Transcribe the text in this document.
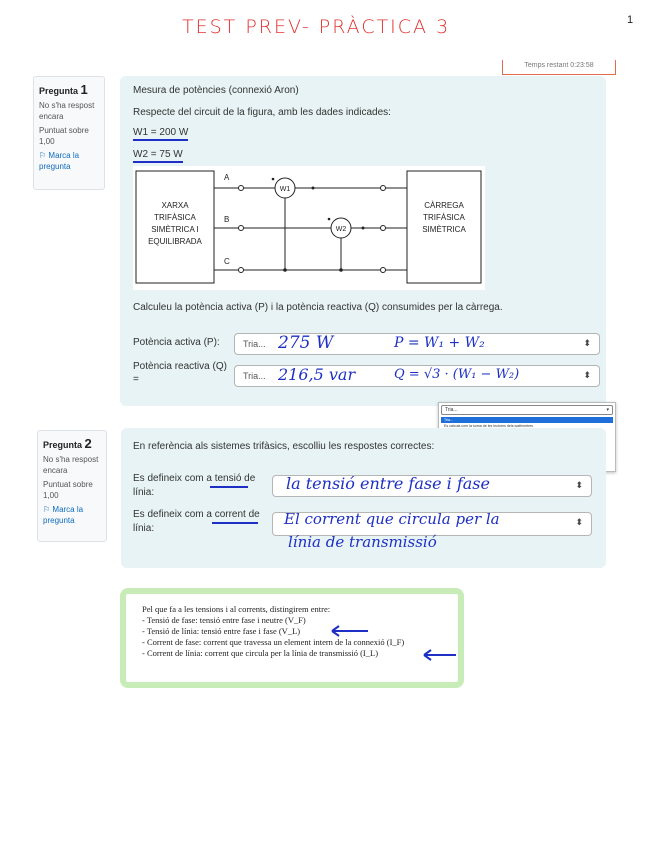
TEST PREV- PRÀCTICA 3	1
Temps restant 0:23:58
Pregunta 1

No s'ha respost encara

Puntuat sobre 1,00

⚐ Marca la pregunta

Mesura de potències (connexió Aron)
Respecte del circuit de la figura, amb les dades indicades:
W1 = 200 W
W2 = 75 W
XARXA
TRIFÀSICA
SIMÈTRICA I
EQUILIBRADA
CÀRREGA
TRIFÀSICA
SIMÈTRICA
A
B
C
W1
W2
Calculeu la potència activa (P) i la potència reactiva (Q) consumides per la càrrega.
Potència activa (P):	Tria...	⬍
275 W	P = W₁ + W₂
Potència reactiva (Q) =	Tria...	⬍
216,5 var	Q = √3 · (W₁ − W₂)
Tria...	▾
Tria...
Es calcula com la suma de les lectures dels wattímetres
Pregunta 2

No s'ha respost encara

Puntuat sobre 1,00

⚐ Marca la pregunta

En referència als sistemes trifàsics, escolliu les respostes correctes:
Es defineix com a tensió de línia:
⬍
la tensió entre fase i fase
Es defineix com a corrent de línia:
⬍
El corrent que circula per la
línia de transmissió
Pel que fa a les tensions i al corrents, distingirem entre:
- Tensió de fase: tensió entre fase i neutre (V_F)
- Tensió de línia: tensió entre fase i fase (V_L)
- Corrent de fase: corrent que travessa un element intern de la connexió (I_F)
- Corrent de línia: corrent que circula per la línia de transmissió (I_L)
